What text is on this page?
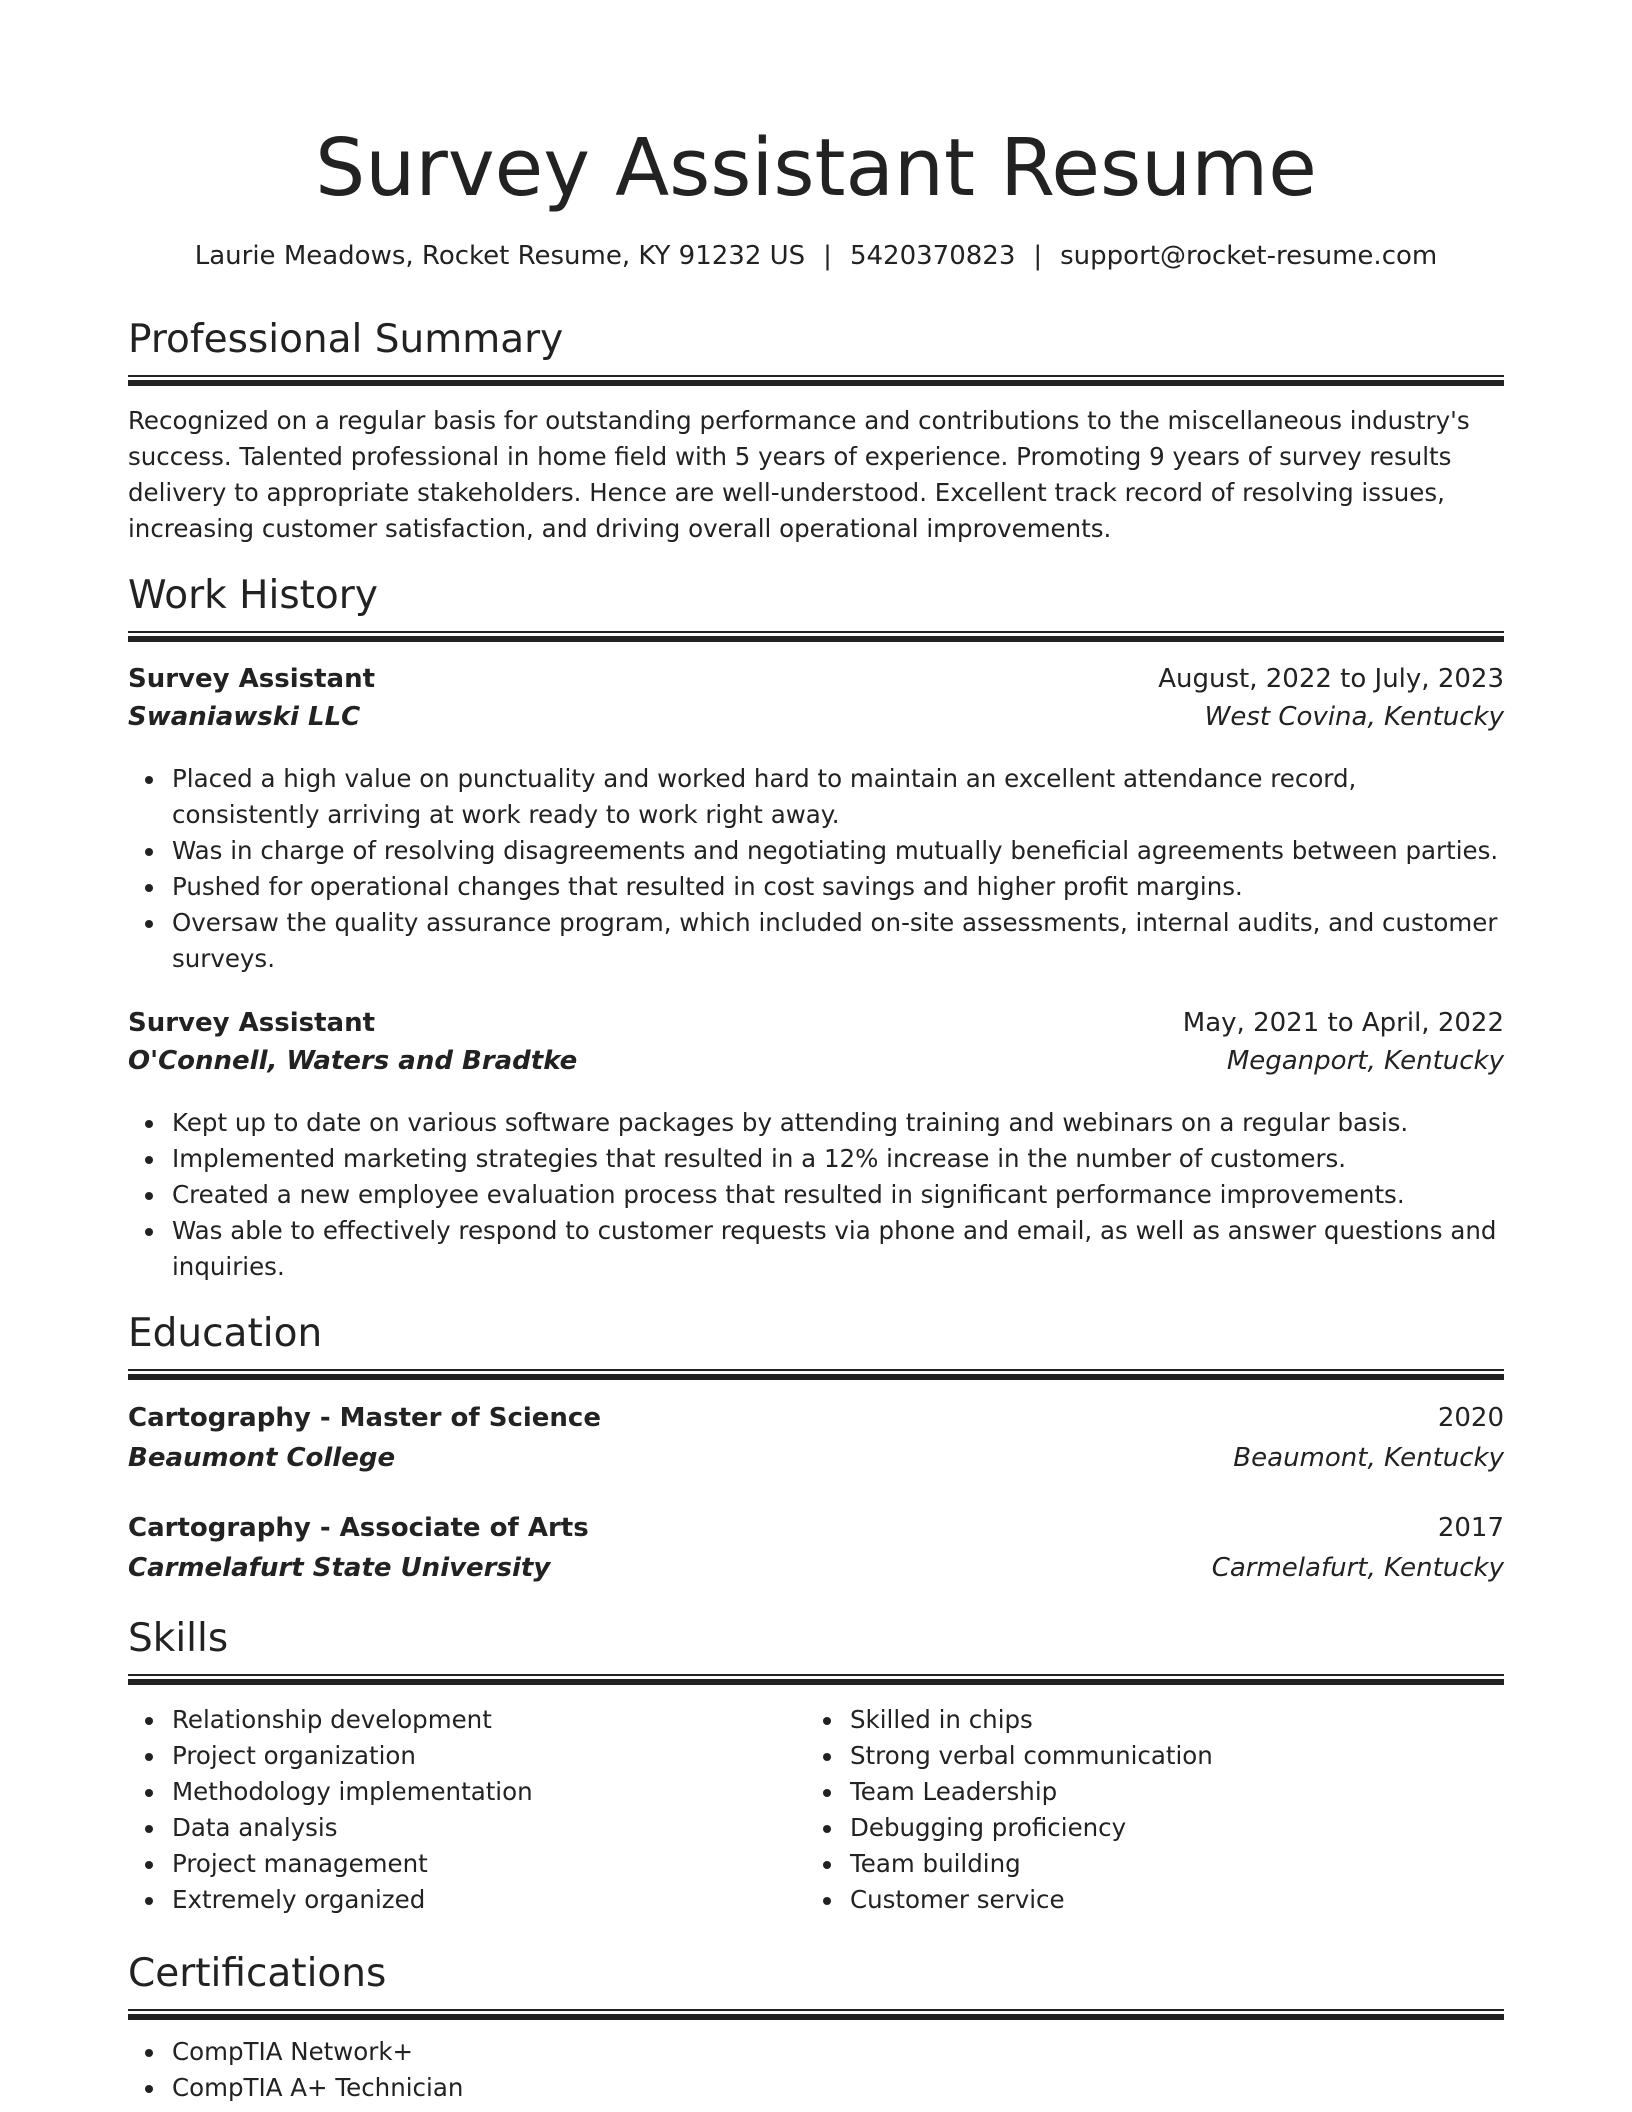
Survey Assistant Resume
Laurie Meadows, Rocket Resume, KY 91232 US | 5420370823 | support@rocket-resume.com
Professional Summary
Recognized on a regular basis for outstanding performance and contributions to the miscellaneous industry's success. Talented professional in home field with 5 years of experience. Promoting 9 years of survey results delivery to appropriate stakeholders. Hence are well-understood. Excellent track record of resolving issues, increasing customer satisfaction, and driving overall operational improvements.
Work History
Survey Assistant	August, 2022 to July, 2023
Swaniawski LLC	West Covina, Kentucky
Placed a high value on punctuality and worked hard to maintain an excellent attendance record, consistently arriving at work ready to work right away.
Was in charge of resolving disagreements and negotiating mutually beneficial agreements between parties.
Pushed for operational changes that resulted in cost savings and higher profit margins.
Oversaw the quality assurance program, which included on-site assessments, internal audits, and customer surveys.
Survey Assistant	May, 2021 to April, 2022
O'Connell, Waters and Bradtke	Meganport, Kentucky
Kept up to date on various software packages by attending training and webinars on a regular basis.
Implemented marketing strategies that resulted in a 12% increase in the number of customers.
Created a new employee evaluation process that resulted in significant performance improvements.
Was able to effectively respond to customer requests via phone and email, as well as answer questions and inquiries.
Education
Cartography - Master of Science	2020
Beaumont College	Beaumont, Kentucky
Cartography - Associate of Arts	2017
Carmelafurt State University	Carmelafurt, Kentucky
Skills
Relationship development
Project organization
Methodology implementation
Data analysis
Project management
Extremely organized
Skilled in chips
Strong verbal communication
Team Leadership
Debugging proficiency
Team building
Customer service
Certifications
CompTIA Network+
CompTIA A+ Technician
